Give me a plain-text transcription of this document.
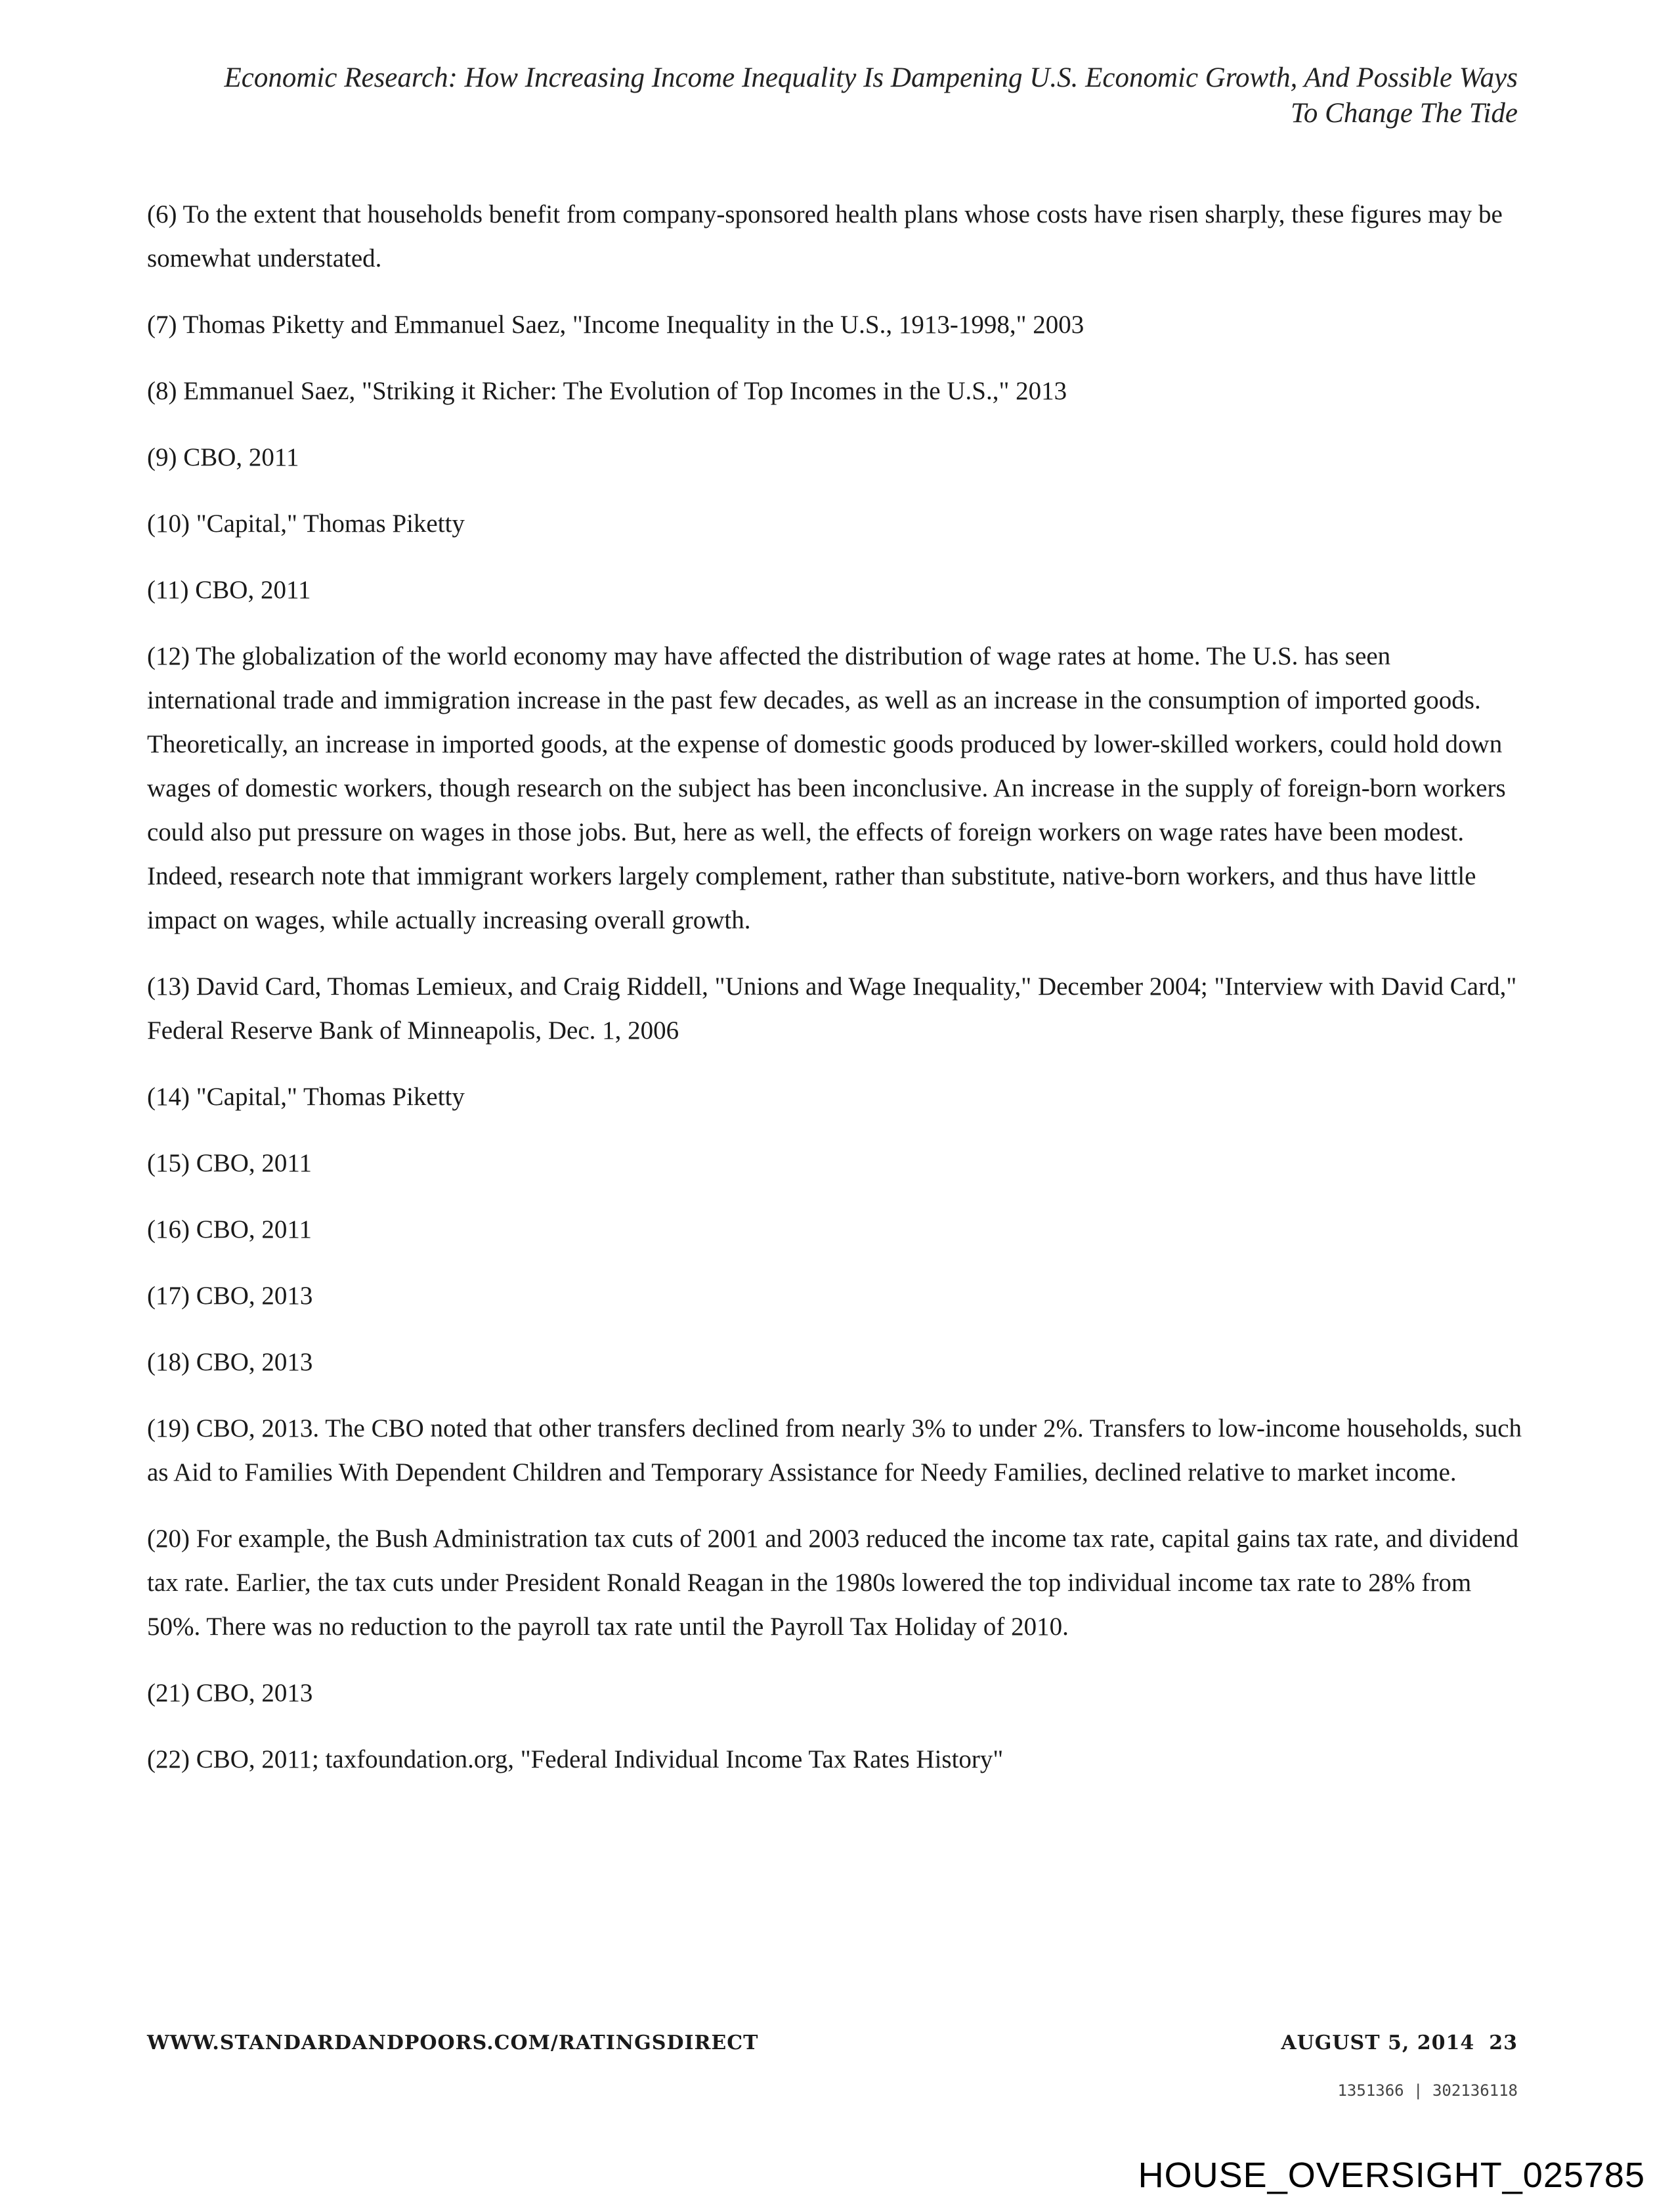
Economic Research: How Increasing Income Inequality Is Dampening U.S. Economic Growth, And Possible Ways
To Change The Tide

(6) To the extent that households benefit from company-sponsored health plans whose costs have risen sharply, these figures may be somewhat understated.

(7) Thomas Piketty and Emmanuel Saez, "Income Inequality in the U.S., 1913-1998," 2003

(8) Emmanuel Saez, "Striking it Richer: The Evolution of Top Incomes in the U.S.," 2013

(9) CBO, 2011

(10) "Capital," Thomas Piketty

(11) CBO, 2011

(12) The globalization of the world economy may have affected the distribution of wage rates at home. The U.S. has seen international trade and immigration increase in the past few decades, as well as an increase in the consumption of imported goods. Theoretically, an increase in imported goods, at the expense of domestic goods produced by lower-skilled workers, could hold down wages of domestic workers, though research on the subject has been inconclusive. An increase in the supply of foreign-born workers could also put pressure on wages in those jobs. But, here as well, the effects of foreign workers on wage rates have been modest. Indeed, research note that immigrant workers largely complement, rather than substitute, native-born workers, and thus have little impact on wages, while actually increasing overall growth.

(13) David Card, Thomas Lemieux, and Craig Riddell, "Unions and Wage Inequality," December 2004; "Interview with David Card," Federal Reserve Bank of Minneapolis, Dec. 1, 2006

(14) "Capital," Thomas Piketty

(15) CBO, 2011

(16) CBO, 2011

(17) CBO, 2013

(18) CBO, 2013

(19) CBO, 2013. The CBO noted that other transfers declined from nearly 3% to under 2%. Transfers to low-income households, such as Aid to Families With Dependent Children and Temporary Assistance for Needy Families, declined relative to market income.

(20) For example, the Bush Administration tax cuts of 2001 and 2003 reduced the income tax rate, capital gains tax rate, and dividend tax rate. Earlier, the tax cuts under President Ronald Reagan in the 1980s lowered the top individual income tax rate to 28% from 50%. There was no reduction to the payroll tax rate until the Payroll Tax Holiday of 2010.

(21) CBO, 2013

(22) CBO, 2011; taxfoundation.org, "Federal Individual Income Tax Rates History"

WWW.STANDARDANDPOORS.COM/RATINGSDIRECT	AUGUST 5, 2014 23
1351366 | 302136118
HOUSE_OVERSIGHT_025785
